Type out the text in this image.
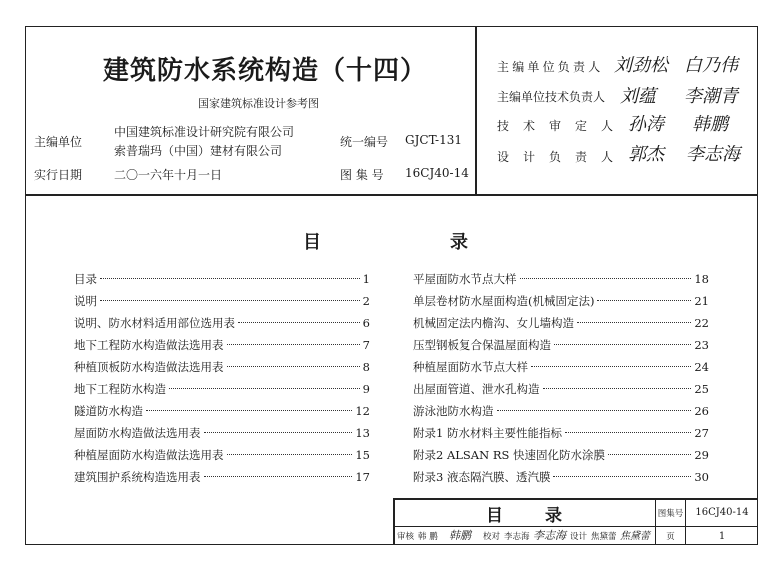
建筑防水系统构造（十四）
国家建筑标准设计参考图
主编单位
中国建筑标准设计研究院有限公司
索普瑞玛（中国）建材有限公司
实行日期	二〇一六年十月一日
统一编号 GJCT-131
图 集 号 16CJ40-14
主编单位负责人 刘劲松 白乃伟
主编单位技术负责人 刘蕴 李潮青
技术审定人 孙涛 韩鹏
设计负责人 郭杰 李志海
目	录
目录	1
说明	2
说明、防水材料适用部位选用表	6
地下工程防水构造做法选用表	7
种植顶板防水构造做法选用表	8
地下工程防水构造	9
隧道防水构造	12
屋面防水构造做法选用表	13
种植屋面防水构造做法选用表	15
建筑围护系统构造选用表	17
平屋面防水节点大样	18
单层卷材防水屋面构造(机械固定法)	21
机械固定法内檐沟、女儿墙构造	22
压型钢板复合保温屋面构造	23
种植屋面防水节点大样	24
出屋面管道、泄水孔构造	25
游泳池防水构造	26
附录1 防水材料主要性能指标	27
附录2 ALSAN RS 快速固化防水涂膜	29
附录3 液态隔汽膜、透汽膜	30
目 录	图集号	16CJ40-14
审核 韩 鹏 韩鹏 校对 李志海 李志海 设计 焦黛蕾 焦黛蕾	页	1
